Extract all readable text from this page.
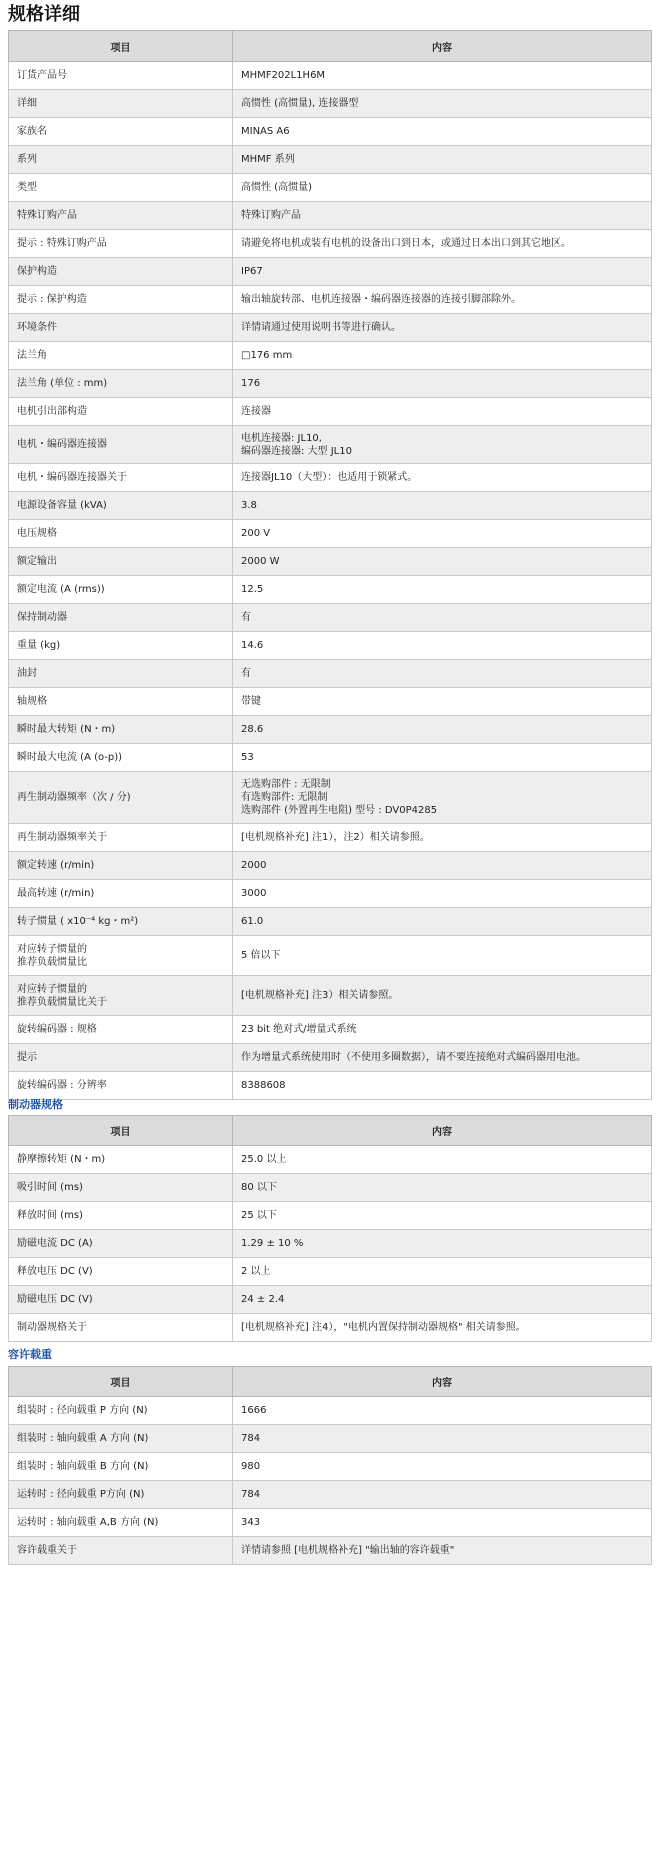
规格详细
项目	内容
订货产品号	MHMF202L1H6M
详细	高惯性 (高惯量), 连接器型
家族名	MINAS A6
系列	MHMF 系列
类型	高惯性 (高惯量)
特殊订购产品	特殊订购产品
提示 : 特殊订购产品	请避免将电机或装有电机的设备出口到日本，或通过日本出口到其它地区。
保护构造	IP67
提示 : 保护构造	输出轴旋转部、电机连接器・编码器连接器的连接引脚部除外。
环境条件	详情请通过使用说明书等进行确认。
法兰角	□176 mm
法兰角 (单位 : mm)	176
电机引出部构造	连接器
电机・编码器连接器	电机连接器: JL10,
编码器连接器: 大型 JL10
电机・编码器连接器关于	连接器JL10（大型）：也适用于锁紧式。
电源设备容量 (kVA)	3.8
电压规格	200 V
额定输出	2000 W
额定电流 (A (rms))	12.5
保持制动器	有
重量 (kg)	14.6
油封	有
轴规格	带键
瞬时最大转矩 (N・m)	28.6
瞬时最大电流 (A (o-p))	53
再生制动器频率（次 / 分)	无选购部件 : 无限制
有选购部件: 无限制
选购部件 (外置再生电阻) 型号 : DV0P4285
再生制动器频率关于	[电机规格补充] 注1），注2）相关请参照。
额定转速 (r/min)	2000
最高转速 (r/min)	3000
转子惯量 ( x10⁻⁴ kg・m²)	61.0
对应转子惯量的
推荐负载惯量比	5 倍以下
对应转子惯量的
推荐负载惯量比关于	[电机规格补充] 注3）相关请参照。
旋转编码器 : 规格	23 bit 绝对式/增量式系统
提示	作为增量式系统使用时（不使用多圈数据），请不要连接绝对式编码器用电池。
旋转编码器 : 分辨率	8388608
制动器规格
项目	内容
静摩擦转矩 (N・m)	25.0 以上
吸引时间 (ms)	80 以下
释放时间 (ms)	25 以下
励磁电流 DC (A)	1.29 ± 10 %
释放电压 DC (V)	2 以上
励磁电压 DC (V)	24 ± 2.4
制动器规格关于	[电机规格补充] 注4），"电机内置保持制动器规格" 相关请参照。
容许载重
项目	内容
组装时 : 径向载重 P 方向 (N)	1666
组装时 : 轴向载重 A 方向 (N)	784
组装时 : 轴向载重 B 方向 (N)	980
运转时 : 径向载重 P方向 (N)	784
运转时 : 轴向载重 A,B 方向 (N)	343
容许载重关于	详情请参照 [电机规格补充] "输出轴的容许载重"
